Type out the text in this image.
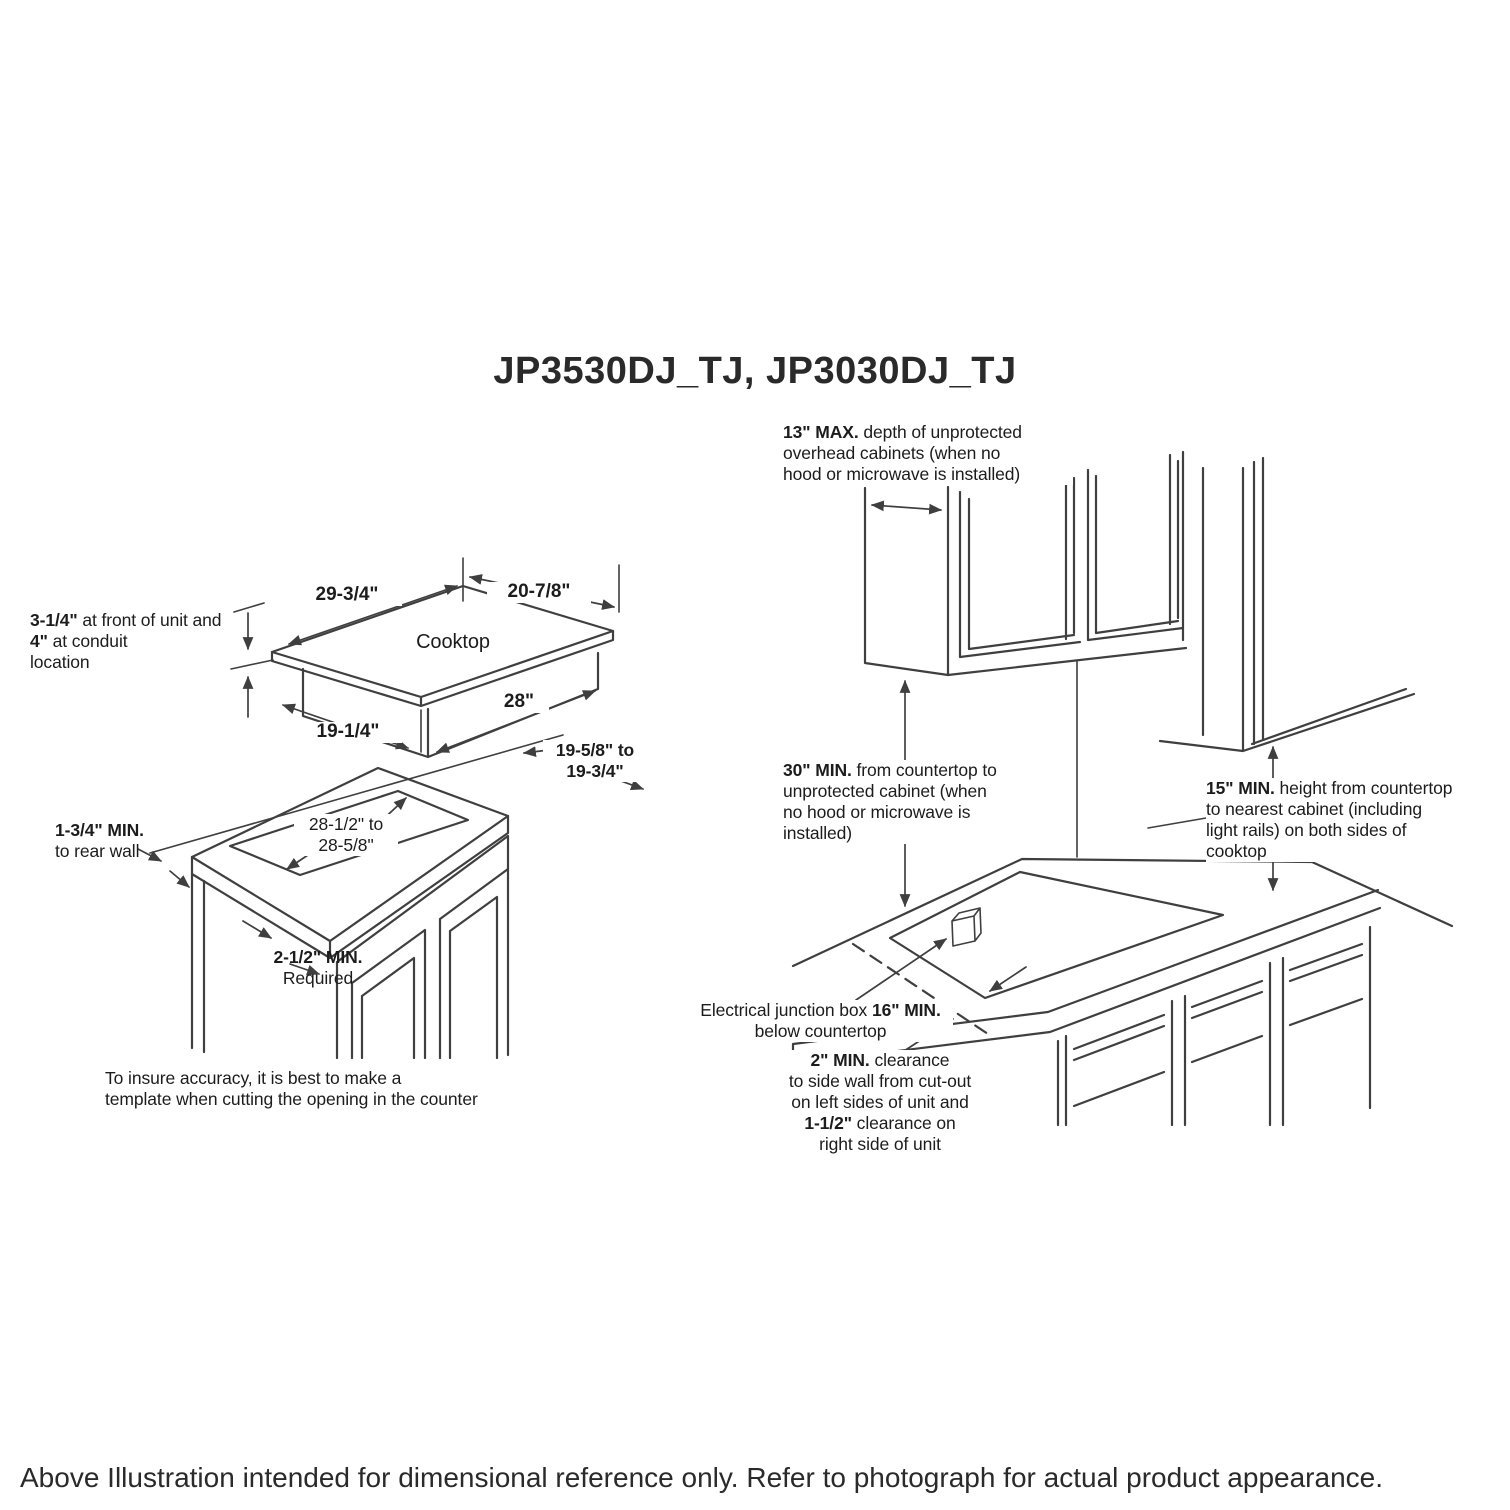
JP3530DJ_TJ, JP3030DJ_TJ
Cooktop
29-3/4"	20-7/8"
19-1/4"
28"
3-1/4" at front of unit and
4" at conduit
location
19-5/8" to
19-3/4"
28-1/2" to
28-5/8"
1-3/4" MIN.
to rear wall
2-1/2" MIN.
Required
To insure accuracy, it is best to make a
template when cutting the opening in the counter
13" MAX. depth of unprotected
overhead cabinets (when no
hood or microwave is installed)
30" MIN. from countertop to
unprotected cabinet (when
no hood or microwave is
installed)
15" MIN. height from countertop
to nearest cabinet (including
light rails) on both sides of
cooktop
Electrical junction box 16" MIN.
below countertop
2" MIN. clearance
to side wall from cut-out
on left sides of unit and
1-1/2" clearance on
right side of unit
Above Illustration intended for dimensional reference only. Refer to photograph for actual product appearance.
